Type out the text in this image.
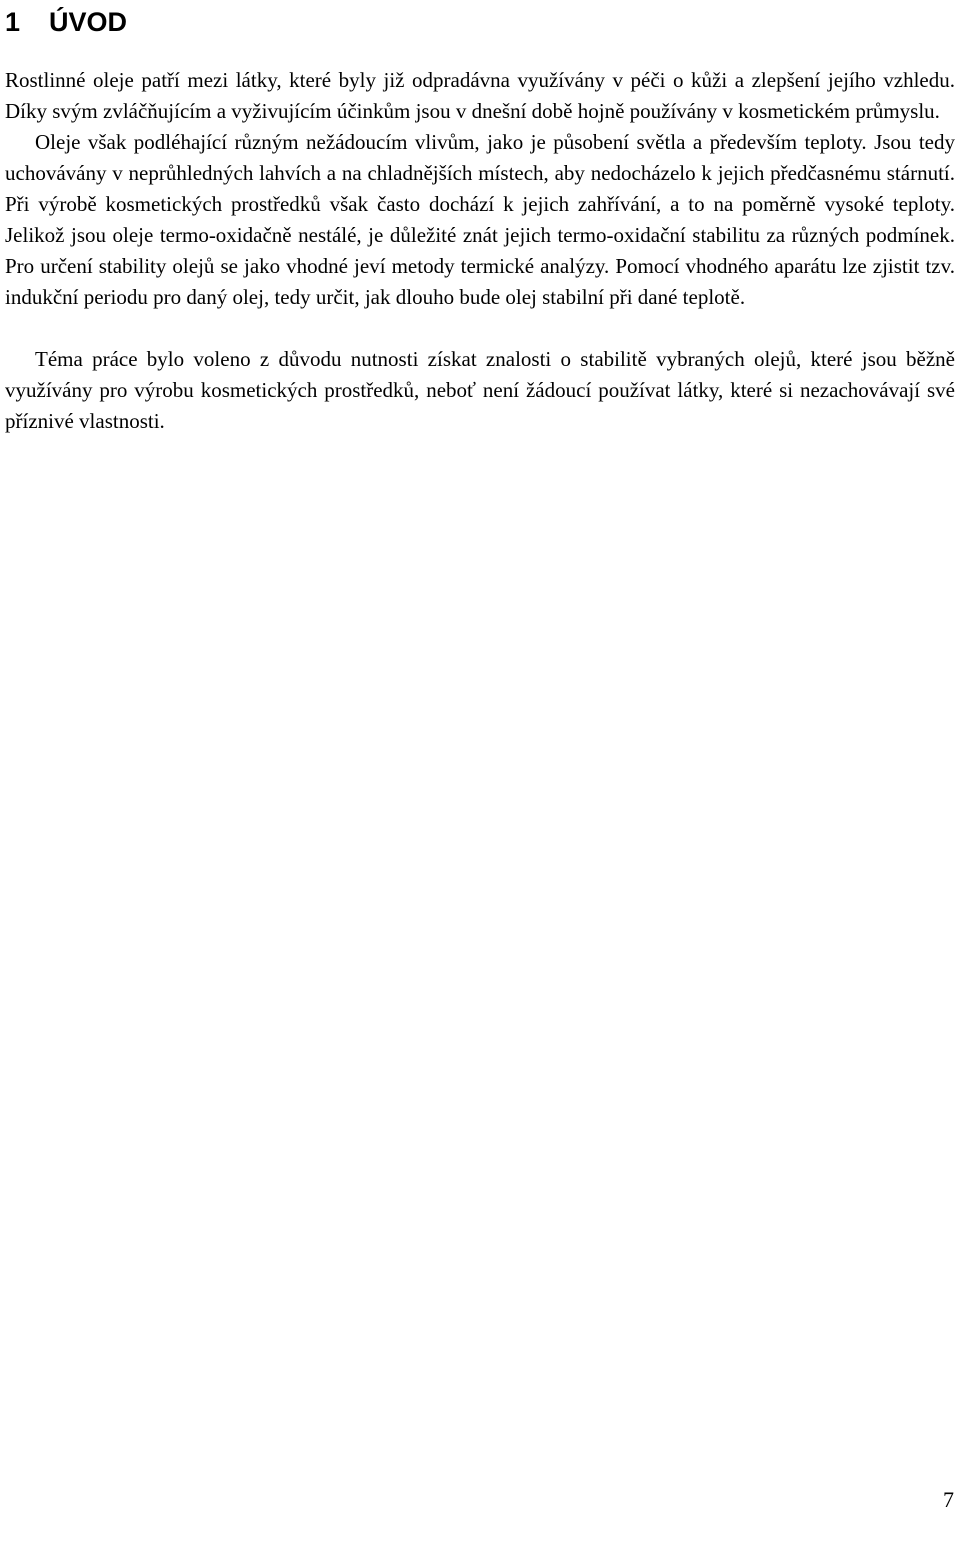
1 ÚVOD

Rostlinné oleje patří mezi látky, které byly již odpradávna využívány v péči o kůži a zlepšení jejího vzhledu. Díky svým zvláčňujícím a vyživujícím účinkům jsou v dnešní době hojně používány v kosmetickém průmyslu.
Oleje však podléhající různým nežádoucím vlivům, jako je působení světla a především teploty. Jsou tedy uchovávány v neprůhledných lahvích a na chladnějších místech, aby nedocházelo k jejich předčasnému stárnutí. Při výrobě kosmetických prostředků však často dochází k jejich zahřívání, a to na poměrně vysoké teploty. Jelikož jsou oleje termo-oxidačně nestálé, je důležité znát jejich termo-oxidační stabilitu za různých podmínek. Pro určení stability olejů se jako vhodné jeví metody termické analýzy. Pomocí vhodného aparátu lze zjistit tzv. indukční periodu pro daný olej, tedy určit, jak dlouho bude olej stabilní při dané teplotě.

Téma práce bylo voleno z důvodu nutnosti získat znalosti o stabilitě vybraných olejů, které jsou běžně využívány pro výrobu kosmetických prostředků, neboť není žádoucí používat látky, které si nezachovávají své příznivé vlastnosti.

7
